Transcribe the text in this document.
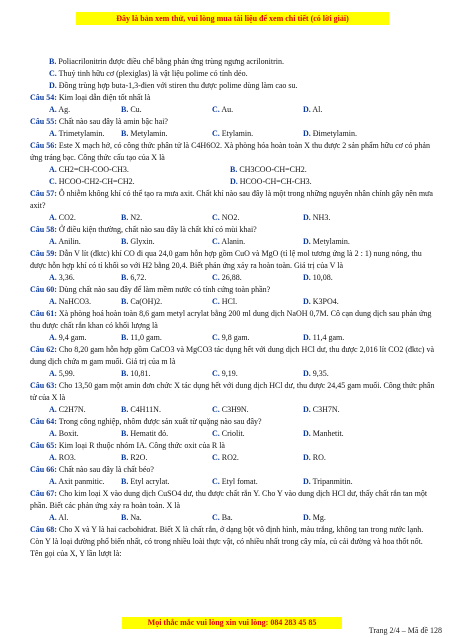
Đây là bản xem thử, vui lòng mua tài liệu để xem chi tiết (có lời giải)
B. Poliacrilonitrin được điều chế bằng phản ứng trùng ngưng acrilonitrin.
C. Thuỷ tinh hữu cơ (plexiglas) là vật liệu polime có tính dẻo.
D. Đồng trùng hợp buta-1,3-đien với stiren thu được polime dùng làm cao su.
Câu 54: Kim loại dẫn điện tốt nhất là
A. Ag.	B. Cu.	C. Au.	D. Al.
Câu 55: Chất nào sau đây là amin bậc hai?
A. Trimetylamin.	B. Metylamin.	C. Etylamin.	D. Đimetylamin.
Câu 56: Este X mạch hở, có công thức phân tử là C4H6O2. Xà phòng hóa hoàn toàn X thu được 2 sản phẩm hữu cơ có phản ứng tráng bạc. Công thức cấu tạo của X là
A. CH2=CH-COO-CH3.	B. CH3COO-CH=CH2.
C. HCOO-CH2-CH=CH2.	D. HCOO-CH=CH-CH3.
Câu 57: Ô nhiễm không khí có thể tạo ra mưa axit. Chất khí nào sau đây là một trong những nguyên nhân chính gây nên mưa axit?
A. CO2.	B. N2.	C. NO2.	D. NH3.
Câu 58: Ở điều kiện thường, chất nào sau đây là chất khí có mùi khai?
A. Anilin.	B. Glyxin.	C. Alanin.	D. Metylamin.
Câu 59: Dẫn V lít (đktc) khí CO đi qua 24,0 gam hỗn hợp gồm CuO và MgO (tỉ lệ mol tương ứng là 2 : 1) nung nóng, thu được hỗn hợp khí có tỉ khối so với H2 bằng 20,4. Biết phản ứng xảy ra hoàn toàn. Giá trị của V là
A. 3,36.	B. 6,72.	C. 26,88.	D. 10,08.
Câu 60: Dùng chất nào sau đây để làm mềm nước có tính cứng toàn phần?
A. NaHCO3.	B. Ca(OH)2.	C. HCl.	D. K3PO4.
Câu 61: Xà phòng hoá hoàn toàn 8,6 gam metyl acrylat bằng 200 ml dung dịch NaOH 0,7M. Cô cạn dung dịch sau phản ứng thu được chất rắn khan có khối lượng là
A. 9,4 gam.	B. 11,0 gam.	C. 9,8 gam.	D. 11,4 gam.
Câu 62: Cho 8,20 gam hỗn hợp gồm CaCO3 và MgCO3 tác dụng hết với dung dịch HCl dư, thu được 2,016 lít CO2 (đktc) và dung dịch chứa m gam muối. Giá trị của m là
A. 5,99.	B. 10,81.	C. 9,19.	D. 9,35.
Câu 63: Cho 13,50 gam một amin đơn chức X tác dụng hết với dung dịch HCl dư, thu được 24,45 gam muối. Công thức phân tử của X là
A. C2H7N.	B. C4H11N.	C. C3H9N.	D. C3H7N.
Câu 64: Trong công nghiệp, nhôm được sản xuất từ quặng nào sau đây?
A. Boxit.	B. Hematit đỏ.	C. Criolit.	D. Manhetit.
Câu 65: Kim loại R thuộc nhóm IA. Công thức oxit của R là
A. RO3.	B. R2O.	C. RO2.	D. RO.
Câu 66: Chất nào sau đây là chất béo?
A. Axit panmitic.	B. Etyl acrylat.	C. Etyl fomat.	D. Tripanmitin.
Câu 67: Cho kim loại X vào dung dịch CuSO4 dư, thu được chất rắn Y. Cho Y vào dung dịch HCl dư, thấy chất rắn tan một phần. Biết các phản ứng xảy ra hoàn toàn. X là
A. Al.	B. Na.	C. Ba.	D. Mg.
Câu 68: Cho X và Y là hai cacbohiđrat. Biết X là chất rắn, ở dạng bột vô định hình, màu trắng, không tan trong nước lạnh. Còn Y là loại đường phổ biến nhất, có trong nhiều loài thực vật, có nhiều nhất trong cây mía, củ cải đường và hoa thốt nốt. Tên gọi của X, Y lần lượt là:
Mọi thắc mắc vui lòng xin vui lòng: 084 283 45 85
Trang 2/4 – Mã đề 128
